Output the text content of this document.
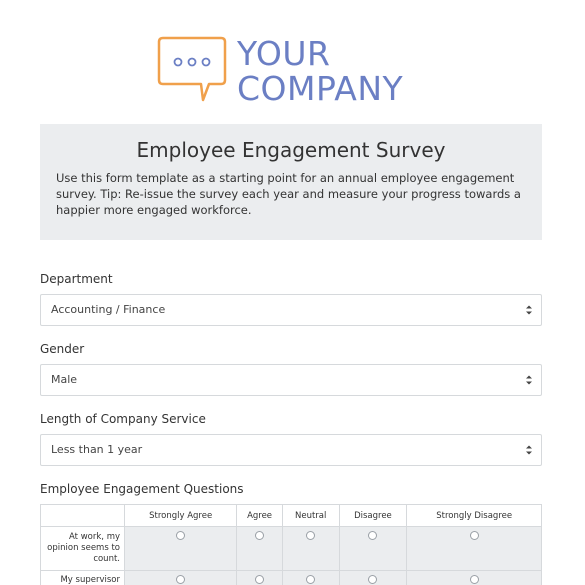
YOUR
COMPANY
Employee Engagement Survey
Use this form template as a starting point for an annual employee engagement survey. Tip: Re-issue the survey each year and measure your progress towards a happier more engaged workforce.
Department
Accounting / Finance
Gender
Male
Length of Company Service
Less than 1 year
Employee Engagement Questions
	Strongly Agree	Agree	Neutral	Disagree	Strongly Disagree
At work, my opinion seems to count.					
My supervisor					
